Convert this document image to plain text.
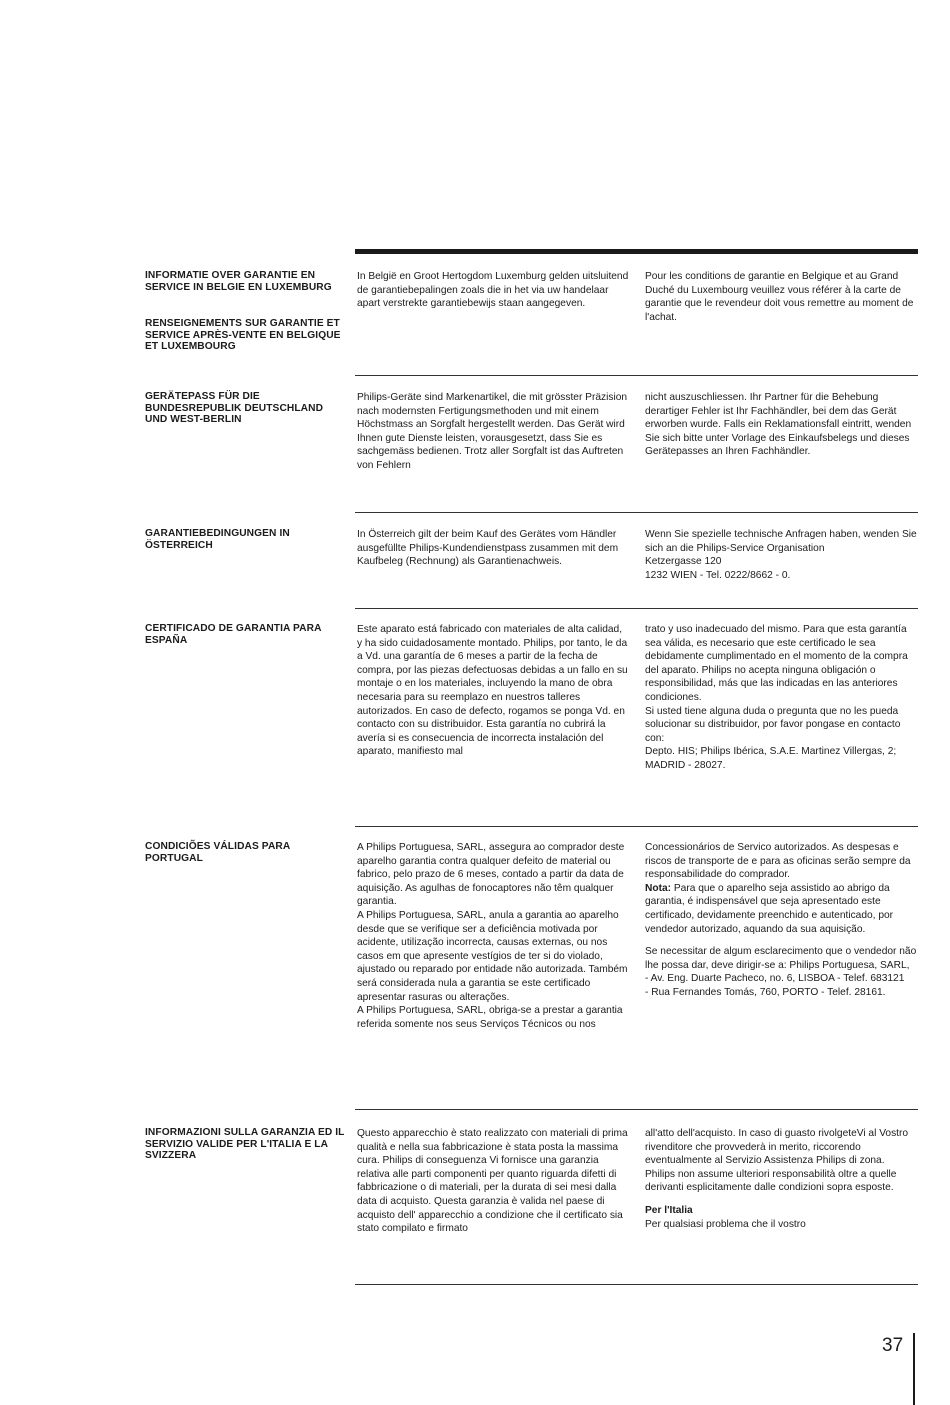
INFORMATIE OVER GARANTIE EN SERVICE IN BELGIE EN LUXEMBURG
RENSEIGNEMENTS SUR GARANTIE ET SERVICE APRÈS-VENTE EN BELGIQUE ET LUXEMBOURG

In België en Groot Hertogdom Luxemburg gelden uitsluitend de garantiebepalingen zoals die in het via uw handelaar apart verstrekte garantiebewijs staan aangegeven.

Pour les conditions de garantie en Belgique et au Grand Duché du Luxembourg veuillez vous référer à la carte de garantie que le revendeur doit vous remettre au moment de l'achat.

GERÄTEPASS FÜR DIE BUNDESREPUBLIK DEUTSCHLAND UND WEST-BERLIN

Philips-Geräte sind Markenartikel, die mit grösster Präzision nach modernsten Fertigungsmethoden und mit einem Höchstmass an Sorgfalt hergestellt werden. Das Gerät wird Ihnen gute Dienste leisten, vorausgesetzt, dass Sie es sachgemäss bedienen. Trotz aller Sorgfalt ist das Auftreten von Fehlern

nicht auszuschliessen. Ihr Partner für die Behebung derartiger Fehler ist Ihr Fachhändler, bei dem das Gerät erworben wurde. Falls ein Reklamationsfall eintritt, wenden Sie sich bitte unter Vorlage des Einkaufsbelegs und dieses Gerätepasses an Ihren Fachhändler.

GARANTIEBEDINGUNGEN IN ÖSTERREICH

In Österreich gilt der beim Kauf des Gerätes vom Händler ausgefüllte Philips-Kundendienstpass zusammen mit dem Kaufbeleg (Rechnung) als Garantienachweis.

Wenn Sie spezielle technische Anfragen haben, wenden Sie sich an die Philips-Service Organisation

Ketzergasse 120

1232 WIEN - Tel. 0222/8662 - 0.

CERTIFICADO DE GARANTIA PARA ESPAÑA

Este aparato está fabricado con materiales de alta calidad, y ha sido cuidadosamente montado. Philips, por tanto, le da a Vd. una garantía de 6 meses a partir de la fecha de compra, por las piezas defectuosas debidas a un fallo en su montaje o en los materiales, incluyendo la mano de obra necesaria para su reemplazo en nuestros talleres autorizados. En caso de defecto, rogamos se ponga Vd. en contacto con su distribuidor. Esta garantía no cubrirá la avería si es consecuencia de incorrecta instalación del aparato, manifiesto mal

trato y uso inadecuado del mismo. Para que esta garantía sea válida, es necesario que este certificado le sea debidamente cumplimentado en el momento de la compra del aparato. Philips no acepta ninguna obligación o responsibilidad, más que las indicadas en las anteriores condiciones.

Si usted tiene alguna duda o pregunta que no les pueda solucionar su distribuidor, por favor pongase en contacto con:

Depto. HIS; Philips Ibérica, S.A.E. Martinez Villergas, 2; MADRID - 28027.

CONDICIÕES VÁLIDAS PARA PORTUGAL

A Philips Portuguesa, SARL, assegura ao comprador deste aparelho garantia contra qualquer defeito de material ou fabrico, pelo prazo de 6 meses, contado a partir da data de aquisição. As agulhas de fonocaptores não têm qualquer garantia.

A Philips Portuguesa, SARL, anula a garantia ao aparelho desde que se verifique ser a deficiência motivada por acidente, utilização incorrecta, causas externas, ou nos casos em que apresente vestígios de ter si do violado, ajustado ou reparado por entidade não autorizada. Também será considerada nula a garantia se este certificado apresentar rasuras ou alterações.

A Philips Portuguesa, SARL, obriga-se a prestar a garantia referida somente nos seus Serviços Técnicos ou nos

Concessionários de Servico autorizados. As despesas e riscos de transporte de e para as oficinas serão sempre da responsabilidade do comprador.

Nota: Para que o aparelho seja assistido ao abrigo da garantia, é indispensável que seja apresentado este certificado, devidamente preenchido e autenticado, por vendedor autorizado, aquando da sua aquisição.

Se necessitar de algum esclarecimento que o vendedor não lhe possa dar, deve dirigir-se a: Philips Portuguesa, SARL,

- Av. Eng. Duarte Pacheco, no. 6, LISBOA - Telef. 683121

- Rua Fernandes Tomás, 760, PORTO - Telef. 28161.

INFORMAZIONI SULLA GARANZIA ED IL SERVIZIO VALIDE PER L'ITALIA E LA SVIZZERA

Questo apparecchio è stato realizzato con materiali di prima qualità e nella sua fabbricazione è stata posta la massima cura. Philips di conseguenza Vi fornisce una garanzia relativa alle parti componenti per quanto riguarda difetti di fabbricazione o di materiali, per la durata di sei mesi dalla data di acquisto. Questa garanzia è valida nel paese di acquisto dell' apparecchio a condizione che il certificato sia stato compilato e firmato

all'atto dell'acquisto. In caso di guasto rivolgeteVi al Vostro rivenditore che provvederà in merito, riccorendo eventualmente al Servizio Assistenza Philips di zona. Philips non assume ulteriori responsabilità oltre a quelle derivanti esplicitamente dalle condizioni sopra esposte.

Per l'Italia

Per qualsiasi problema che il vostro

37
